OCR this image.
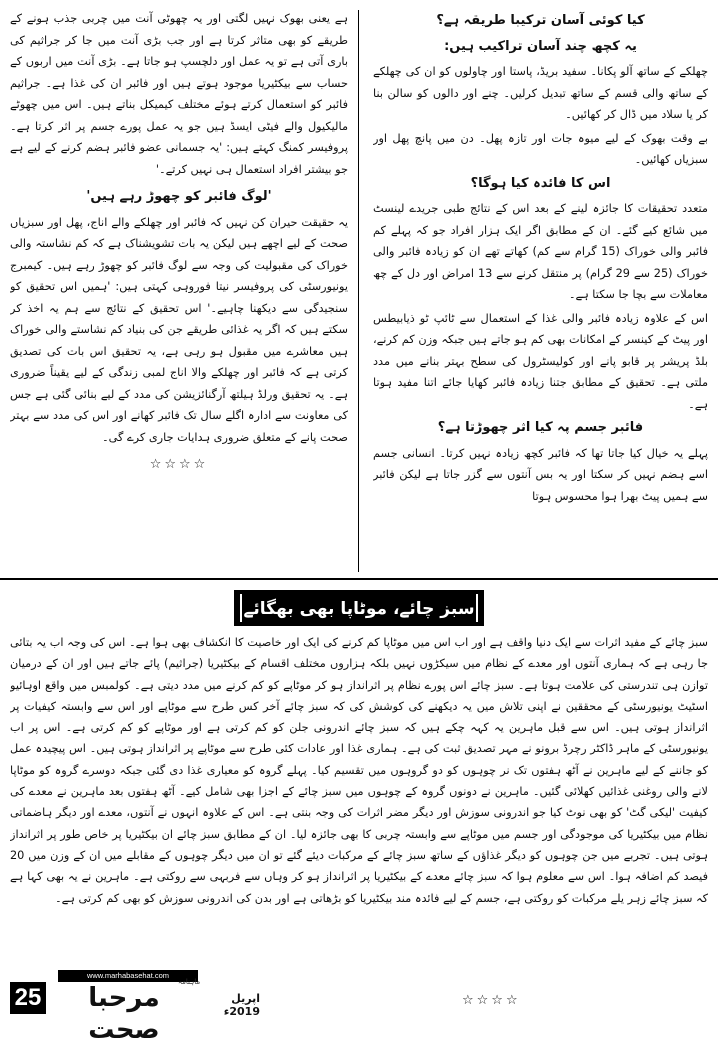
کیا کوئی آسان ترکیبا طریقہ ہے؟
یہ کچھ چند آسان تراکیب ہیں:

چھلکے کے ساتھ آلو پکانا۔ سفید بریڈ، پاستا اور چاولوں کو ان کی چھلکے کے ساتھ والی قسم کے ساتھ تبدیل کرلیں۔ چنے اور دالوں کو سالن بنا کر یا سلاد میں ڈال کر کھائیں۔

بے وقت بھوک کے لیے میوہ جات اور تازہ پھل۔ دن میں پانچ پھل اور سبزیاں کھائیں۔

اس کا فائدہ کیا ہوگا؟

متعدد تحقیقات کا جائزہ لینے کے بعد اس کے نتائج طبی جریدے لینسٹ میں شائع کیے گئے۔ ان کے مطابق اگر ایک ہزار افراد جو کہ پہلے کم فائبر والی خوراک (15 گرام سے کم) کھاتے تھے ان کو زیادہ فائبر والی خوراک (25 سے 29 گرام) پر منتقل کرنے سے 13 امراض اور دل کے چھ معاملات سے بچا جا سکتا ہے۔

اس کے علاوہ زیادہ فائبر والی غذا کے استعمال سے ٹائپ ٹو ذیابیطس اور پیٹ کے کینسر کے امکانات بھی کم ہو جاتے ہیں جبکہ وزن کم کرنے، بلڈ پریشر پر قابو پانے اور کولیسٹرول کی سطح بہتر بنانے میں مدد ملتی ہے۔ تحقیق کے مطابق جتنا زیادہ فائبر کھایا جائے اتنا مفید ہوتا ہے۔

فائبر جسم پہ کیا اثر چھوڑتا ہے؟

پہلے یہ خیال کیا جاتا تھا کہ فائبر کچھ زیادہ نہیں کرتا۔ انسانی جسم اسے ہضم نہیں کر سکتا اور یہ بس آنتوں سے گزر جاتا ہے لیکن فائبر سے ہمیں پیٹ بھرا ہوا محسوس ہوتا

ہے یعنی بھوک نہیں لگتی اور یہ چھوٹی آنت میں چربی جذب ہونے کے طریقے کو بھی متاثر کرتا ہے اور جب بڑی آنت میں جا کر جراثیم کی باری آتی ہے تو یہ عمل اور دلچسپ ہو جاتا ہے۔ بڑی آنت میں اربوں کے حساب سے بیکٹیریا موجود ہوتے ہیں اور فائبر ان کی غذا ہے۔ جراثیم فائبر کو استعمال کرتے ہوئے مختلف کیمیکل بناتے ہیں۔ اس میں چھوٹے مالیکیول والے فیٹی ایسڈ ہیں جو یہ عمل پورے جسم پر اثر کرتا ہے۔ پروفیسر کمنگ کہتے ہیں: 'یہ جسمانی عضو فائبر ہضم کرنے کے لیے ہے جو بیشتر افراد استعمال ہی نہیں کرتے۔'

'لوگ فائبر کو چھوڑ رہے ہیں'

یہ حقیقت حیران کن نہیں کہ فائبر اور چھلکے والے اناج، پھل اور سبزیاں صحت کے لیے اچھے ہیں لیکن یہ بات تشویشناک ہے کہ کم نشاستہ والی خوراک کی مقبولیت کی وجہ سے لوگ فائبر کو چھوڑ رہے ہیں۔ کیمبرج یونیورسٹی کی پروفیسر نیتا فوروہی کہتی ہیں: 'ہمیں اس تحقیق کو سنجیدگی سے دیکھنا چاہیے۔' اس تحقیق کے نتائج سے ہم یہ اخذ کر سکتے ہیں کہ اگر یہ غذائی طریقے جن کی بنیاد کم نشاستے والی خوراک ہیں معاشرے میں مقبول ہو رہی ہے، یہ تحقیق اس بات کی تصدیق کرتی ہے کہ فائبر اور چھلکے والا اناج لمبی زندگی کے لیے یقیناً ضروری ہے۔ یہ تحقیق ورلڈ ہیلتھ آرگنائزیشن کی مدد کے لیے بنائی گئی ہے جس کی معاونت سے ادارہ اگلے سال تک فائبر کھانے اور اس کی مدد سے بہتر صحت پانے کے متعلق ضروری ہدایات جاری کرے گی۔

☆☆☆☆
سبز چائے، موٹاپا بھی بھگائے

سبز چائے کے مفید اثرات سے ایک دنیا واقف ہے اور اب اس میں موٹاپا کم کرنے کی ایک اور خاصیت کا انکشاف بھی ہوا ہے۔ اس کی وجہ اب یہ بتائی جا رہی ہے کہ ہماری آنتوں اور معدے کے نظام میں سیکڑوں نہیں بلکہ ہزاروں مختلف اقسام کے بیکٹیریا (جراثیم) پائے جاتے ہیں اور ان کے درمیان توازن ہی تندرستی کی علامت ہوتا ہے۔ سبز چائے اس پورے نظام پر اثرانداز ہو کر موٹاپے کو کم کرنے میں مدد دیتی ہے۔ کولمبس میں واقع اوہائیو اسٹیٹ یونیورسٹی کے محققین نے اپنی تلاش میں یہ دیکھنے کی کوشش کی کہ سبز چائے آخر کس طرح سے موٹاپے اور اس سے وابستہ کیفیات پر اثرانداز ہوتی ہیں۔ اس سے قبل ماہرین یہ کہہ چکے ہیں کہ سبز چائے اندرونی جلن کو کم کرتی ہے اور موٹاپے کو کم کرتی ہے۔ اس پر اب یونیورسٹی کے ماہر ڈاکٹر رچرڈ برونو نے مہر تصدیق ثبت کی ہے۔ ہماری غذا اور عادات کئی طرح سے موٹاپے پر اثرانداز ہوتی ہیں۔ اس پیچیدہ عمل کو جاننے کے لیے ماہرین نے آٹھ ہفتوں تک نر چوہوں کو دو گروہوں میں تقسیم کیا۔ پہلے گروہ کو معیاری غذا دی گئی جبکہ دوسرے گروہ کو موٹاپا لانے والی روغنی غذائیں کھلائی گئیں۔ ماہرین نے دونوں گروہ کے چوہوں میں سبز چائے کے اجزا بھی شامل کیے۔ آٹھ ہفتوں بعد ماہرین نے معدے کی کیفیت 'لیکی گٹ' کو بھی نوٹ کیا جو اندرونی سوزش اور دیگر مضر اثرات کی وجہ بنتی ہے۔ اس کے علاوہ انہوں نے آنتوں، معدے اور دیگر ہاضماتی نظام میں بیکٹیریا کی موجودگی اور جسم میں موٹاپے سے وابستہ چربی کا بھی جائزہ لیا۔ ان کے مطابق سبز چائے ان بیکٹیریا پر خاص طور پر اثرانداز ہوتی ہیں۔ تجربے میں جن چوہوں کو دیگر غذاؤں کے ساتھ سبز چائے کے مرکبات دیئے گئے تو ان میں دیگر چوہوں کے مقابلے میں ان کے وزن میں 20 فیصد کم اضافہ ہوا۔ اس سے معلوم ہوا کہ سبز چائے معدے کے بیکٹیریا پر اثرانداز ہو کر وہاں سے فربہی سے روکتی ہے۔ ماہرین نے یہ بھی کہا ہے کہ سبز چائے زہر یلے مرکبات کو روکتی ہے، جسم کے لیے فائدہ مند بیکٹیریا کو بڑھاتی ہے اور بدن کی اندرونی سوزش کو بھی کم کرتی ہے۔

☆☆☆☆
www.marhabasehat.com
25	مرحبا صحت
ماہنامہ
اپریل 2019ء
